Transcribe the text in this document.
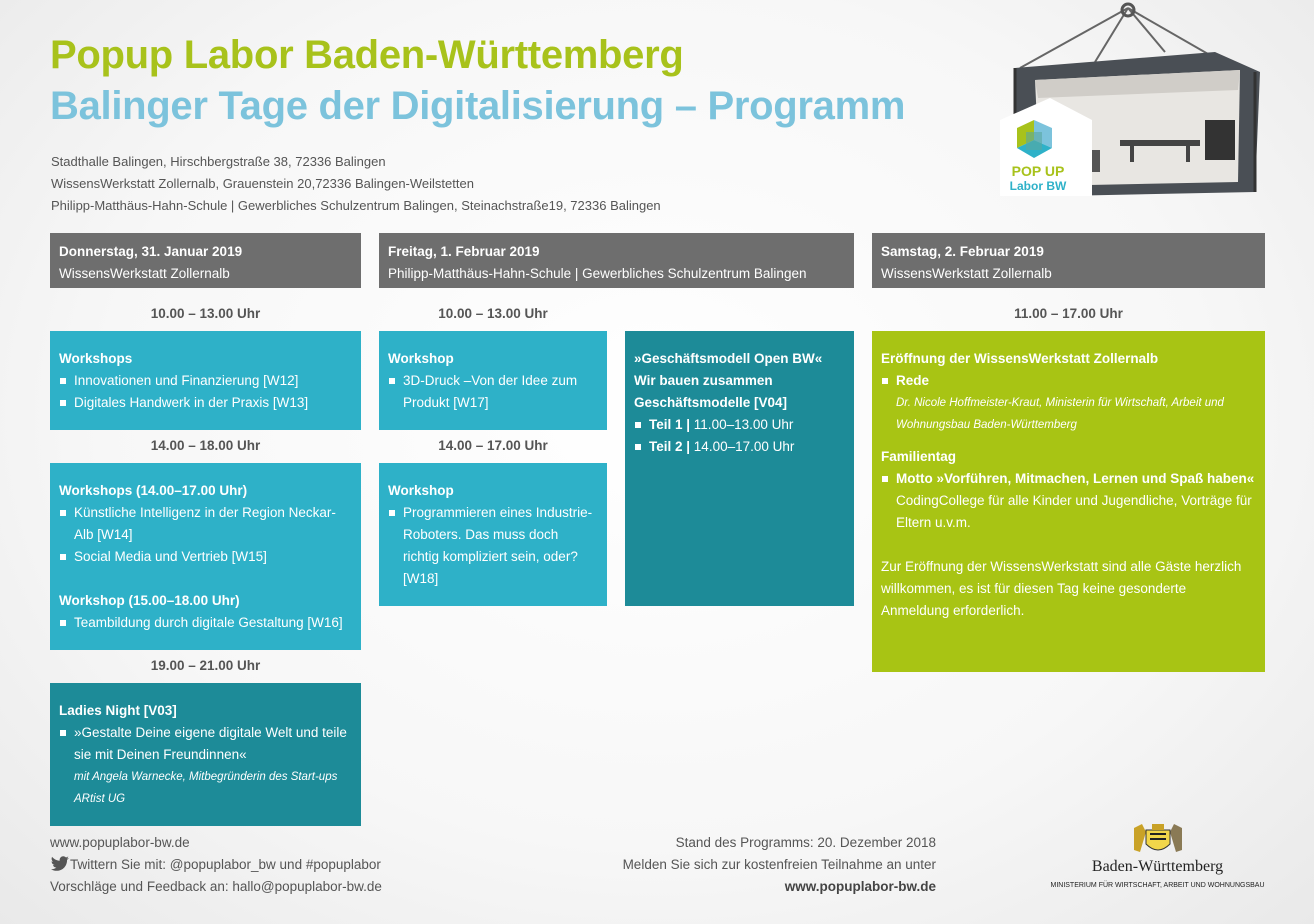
Popup Labor Baden-Württemberg
Balinger Tage der Digitalisierung – Programm
Stadthalle Balingen, Hirschbergstraße 38, 72336 Balingen
WissensWerkstatt Zollernalb, Grauenstein 20,72336 Balingen-Weilstetten
Philipp-Matthäus-Hahn-Schule | Gewerbliches Schulzentrum Balingen, Steinachstraße19, 72336 Balingen
POP UP
Labor BW
Donnerstag, 31. Januar 2019
WissensWerkstatt Zollernalb
Freitag, 1. Februar 2019
Philipp-Matthäus-Hahn-Schule | Gewerbliches Schulzentrum Balingen
Samstag, 2. Februar 2019
WissensWerkstatt Zollernalb
10.00 – 13.00 Uhr
Workshops
Innovationen und Finanzierung [W12]
Digitales Handwerk in der Praxis [W13]
14.00 – 18.00 Uhr
Workshops (14.00–17.00 Uhr)
Künstliche Intelligenz in der Region Neckar-Alb [W14]
Social Media und Vertrieb [W15]
Workshop (15.00–18.00 Uhr)
Teambildung durch digitale Gestaltung [W16]
19.00 – 21.00 Uhr
Ladies Night [V03]
»Gestalte Deine eigene digitale Welt und teile sie mit Deinen Freundinnen«
mit Angela Warnecke, Mitbegründerin des Start-ups ARtist UG
10.00 – 13.00 Uhr
Workshop
3D-Druck –Von der Idee zum Produkt [W17]
14.00 – 17.00 Uhr
Workshop
Programmieren eines Industrie-Roboters. Das muss doch richtig kompliziert sein, oder? [W18]
»Geschäftsmodell Open BW« Wir bauen zusammen Geschäftsmodelle [V04]
Teil 1 | 11.00–13.00 Uhr
Teil 2 | 14.00–17.00 Uhr
11.00 – 17.00 Uhr
Eröffnung der WissensWerkstatt Zollernalb
Rede
Dr. Nicole Hoffmeister-Kraut, Ministerin für Wirtschaft, Arbeit und Wohnungsbau Baden-Württemberg
Familientag
Motto »Vorführen, Mitmachen, Lernen und Spaß haben«
CodingCollege für alle Kinder und Jugendliche, Vorträge für Eltern u.v.m.
Zur Eröffnung der WissensWerkstatt sind alle Gäste herzlich willkommen, es ist für diesen Tag keine gesonderte Anmeldung erforderlich.
www.popuplabor-bw.de
Twittern Sie mit: @popuplabor_bw und #popuplabor
Vorschläge und Feedback an: hallo@popuplabor-bw.de
Stand des Programms: 20. Dezember 2018
Melden Sie sich zur kostenfreien Teilnahme an unter
www.popuplabor-bw.de
Baden-Württemberg
MINISTERIUM FÜR WIRTSCHAFT, ARBEIT UND WOHNUNGSBAU
